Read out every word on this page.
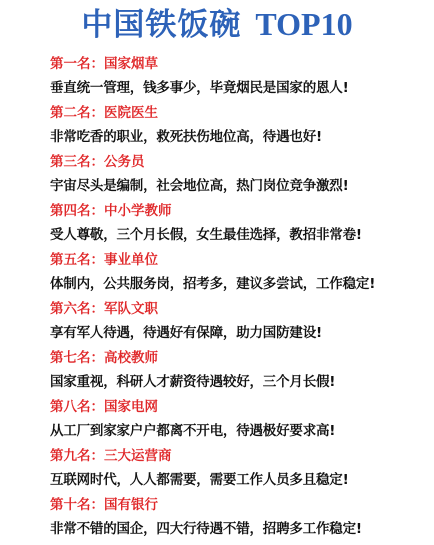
中国铁饭碗 TOP10
第一名：国家烟草
垂直统一管理，钱多事少，毕竟烟民是国家的恩人!
第二名：医院医生
非常吃香的职业，救死扶伤地位高，待遇也好!
第三名：公务员
宇宙尽头是编制，社会地位高，热门岗位竞争激烈!
第四名：中小学教师
受人尊敬，三个月长假，女生最佳选择，教招非常卷!
第五名：事业单位
体制内，公共服务岗，招考多，建议多尝试，工作稳定!
第六名：军队文职
享有军人待遇，待遇好有保障，助力国防建设!
第七名：高校教师
国家重视，科研人才薪资待遇较好，三个月长假!
第八名：国家电网
从工厂到家家户户都离不开电，待遇极好要求高!
第九名：三大运营商
互联网时代，人人都需要，需要工作人员多且稳定!
第十名：国有银行
非常不错的国企，四大行待遇不错，招聘多工作稳定!
